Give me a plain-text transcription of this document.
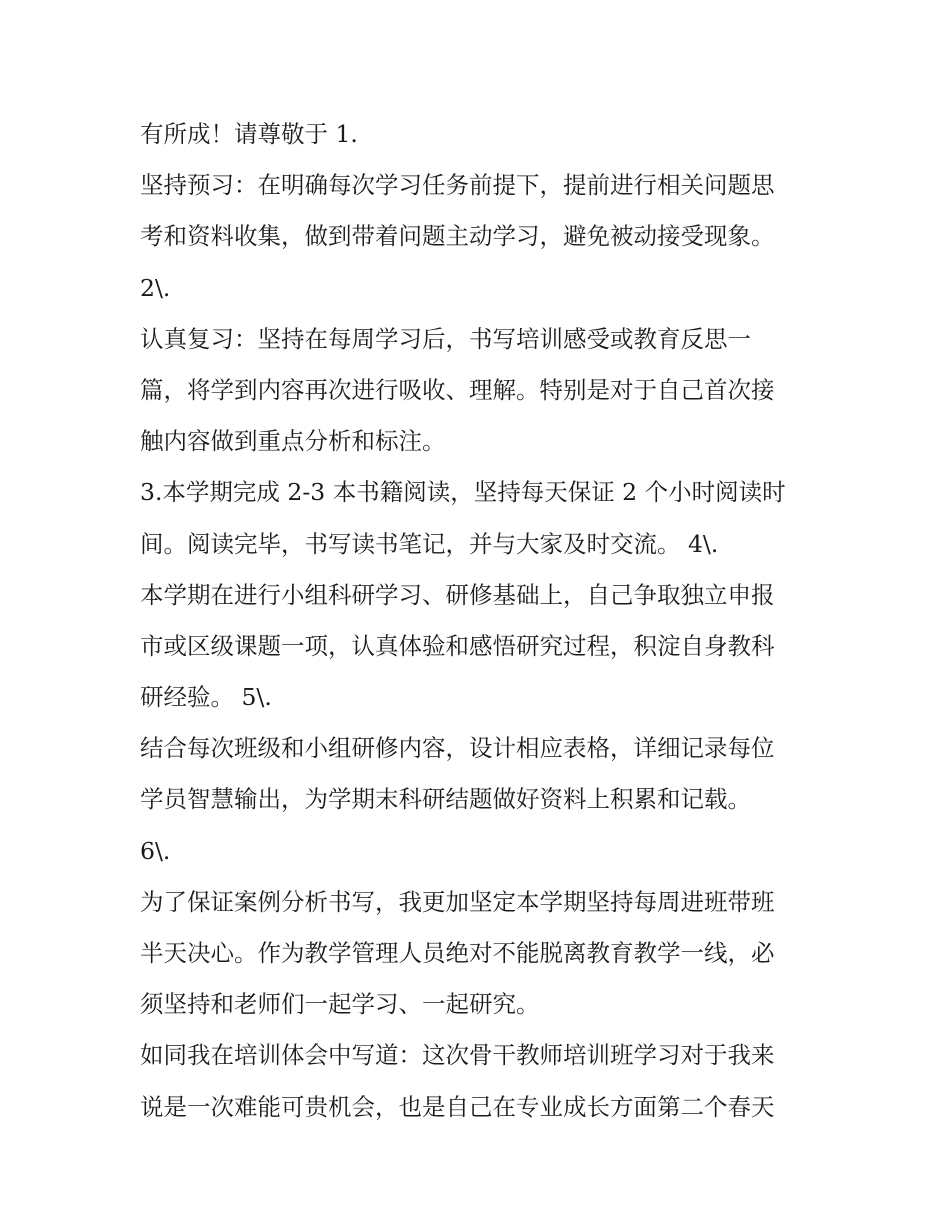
有所成！请尊敬于 1.
坚持预习：在明确每次学习任务前提下，提前进行相关问题思
考和资料收集，做到带着问题主动学习，避免被动接受现象。
2\.
认真复习：坚持在每周学习后，书写培训感受或教育反思一
篇，将学到内容再次进行吸收、理解。特别是对于自己首次接
触内容做到重点分析和标注。
3.本学期完成 2-3 本书籍阅读，坚持每天保证 2 个小时阅读时
间。阅读完毕，书写读书笔记，并与大家及时交流。 4\.
本学期在进行小组科研学习、研修基础上，自己争取独立申报
市或区级课题一项，认真体验和感悟研究过程，积淀自身教科
研经验。 5\.
结合每次班级和小组研修内容，设计相应表格，详细记录每位
学员智慧输出，为学期末科研结题做好资料上积累和记载。
6\.
为了保证案例分析书写，我更加坚定本学期坚持每周进班带班
半天决心。作为教学管理人员绝对不能脱离教育教学一线，必
须坚持和老师们一起学习、一起研究。
如同我在培训体会中写道：这次骨干教师培训班学习对于我来
说是一次难能可贵机会，也是自己在专业成长方面第二个春天
